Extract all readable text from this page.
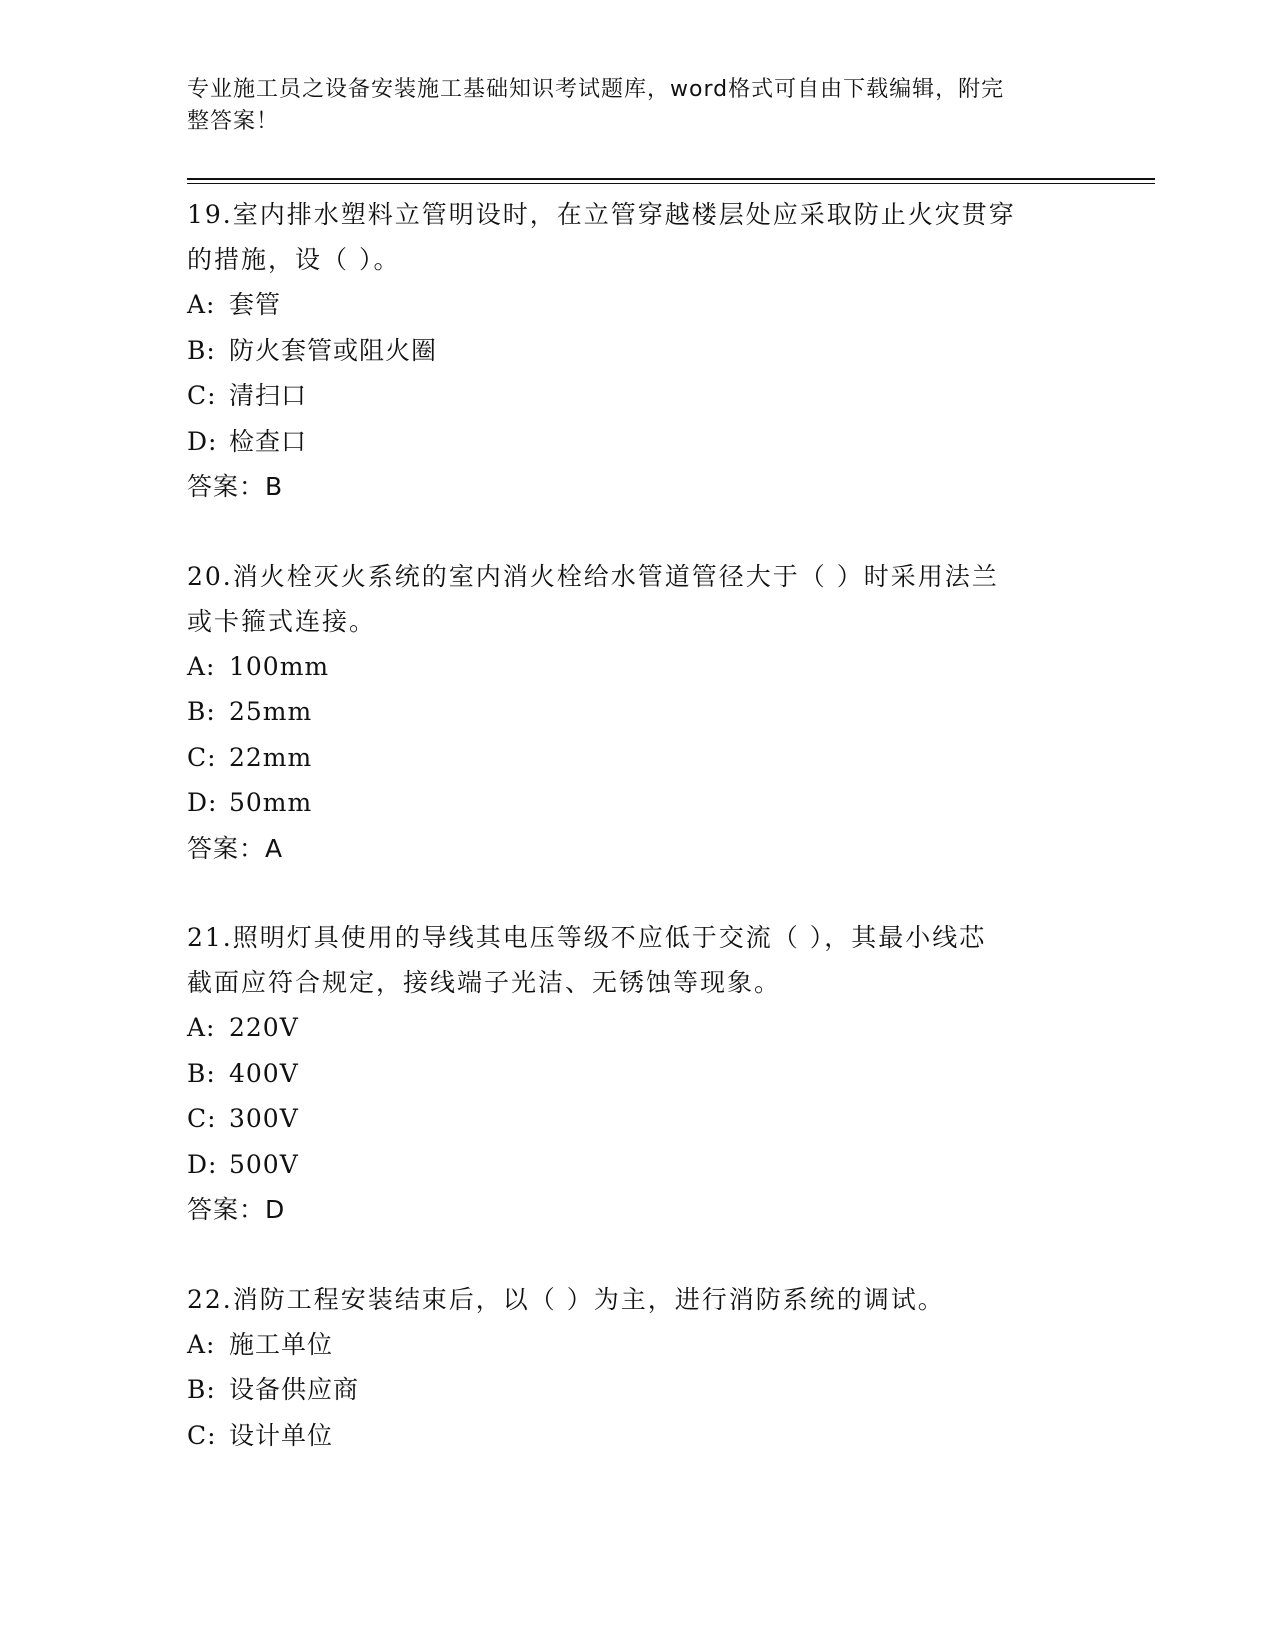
专业施工员之设备安装施工基础知识考试题库，word格式可自由下载编辑，附完
整答案！

19.室内排水塑料立管明设时，在立管穿越楼层处应采取防止火灾贯穿

的措施，设（ ）。

A: 套管

B: 防火套管或阻火圈

C: 清扫口

D: 检查口

答案：B

20.消火栓灭火系统的室内消火栓给水管道管径大于（ ）时采用法兰

或卡箍式连接。

A: 100mm

B: 25mm

C: 22mm

D: 50mm

答案：A

21.照明灯具使用的导线其电压等级不应低于交流（ ），其最小线芯

截面应符合规定，接线端子光洁、无锈蚀等现象。

A: 220V

B: 400V

C: 300V

D: 500V

答案：D

22.消防工程安装结束后，以（ ）为主，进行消防系统的调试。

A: 施工单位

B: 设备供应商

C: 设计单位
